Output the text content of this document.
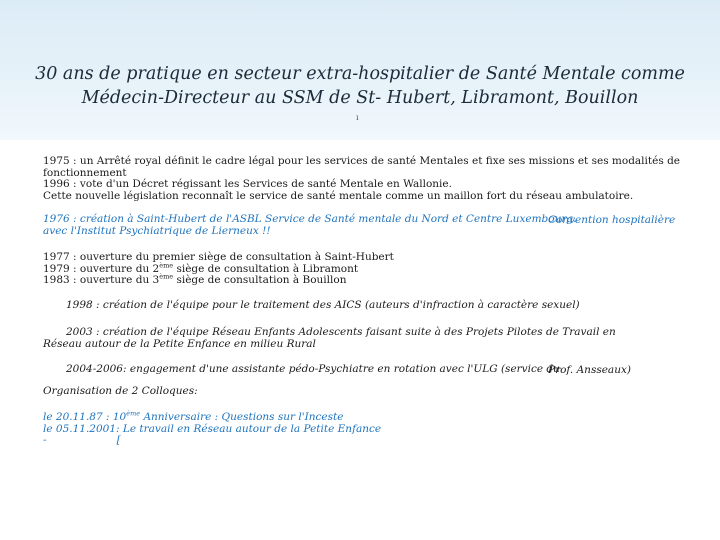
30 ans de pratique en secteur extra-hospitalier de Santé Mentale comme
Médecin-Directeur au SSM de St- Hubert, Libramont, Bouillon
ı
1975 : un Arrêté royal définit le cadre légal pour les services de santé Mentales et fixe ses missions et ses modalités de
fonctionnement
1996 : vote d'un Décret régissant les Services de santé Mentale en Wallonie.
Cette nouvelle législation reconnaît le service de santé mentale comme un maillon fort du réseau ambulatoire.
1976 : création à Saint-Hubert de l'ASBL Service de Santé mentale du Nord et Centre Luxembourg.
avec l'Institut Psychiatrique de Lierneux !!
Convention hospitalière
1977 : ouverture du premier siège de consultation à Saint-Hubert
1979 : ouverture du 2ème siège de consultation à Libramont
1983 : ouverture du 3ème siège de consultation à Bouillon
1998 : création de l'équipe pour le traitement des AICS (auteurs d'infraction à caractère sexuel)
2003 : création de l'équipe Réseau Enfants Adolescents faisant suite à des Projets Pilotes de Travail en
Réseau autour de la Petite Enfance en milieu Rural
2004-2006: engagement d'une assistante pédo-Psychiatre en rotation avec l'ULG (service du
Prof. Ansseaux)
Organisation de 2 Colloques:
le 20.11.87 : 10ème Anniversaire : Questions sur l'Inceste
le 05.11.2001: Le travail en Réseau autour de la Petite Enfance
-	[
